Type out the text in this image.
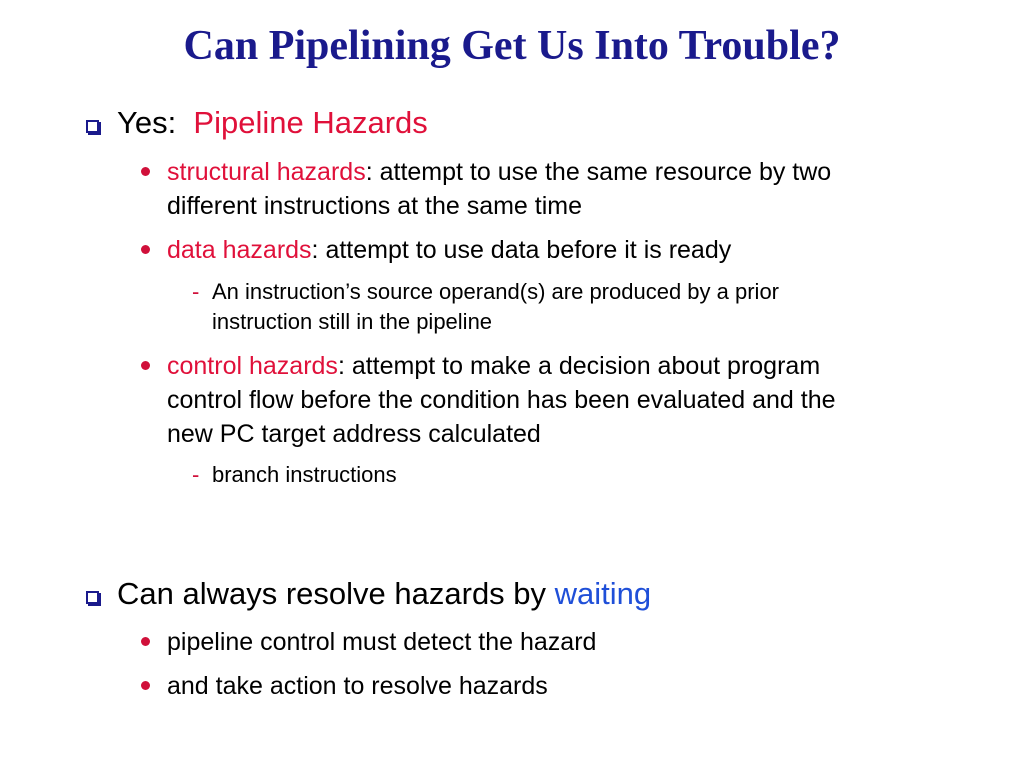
Can Pipelining Get Us Into Trouble?
Yes: Pipeline Hazards
structural hazards: attempt to use the same resource by two
different instructions at the same time
data hazards: attempt to use data before it is ready
- An instruction’s source operand(s) are produced by a prior
instruction still in the pipeline
control hazards: attempt to make a decision about program
control flow before the condition has been evaluated and the
new PC target address calculated
- branch instructions
Can always resolve hazards by waiting
pipeline control must detect the hazard
and take action to resolve hazards
